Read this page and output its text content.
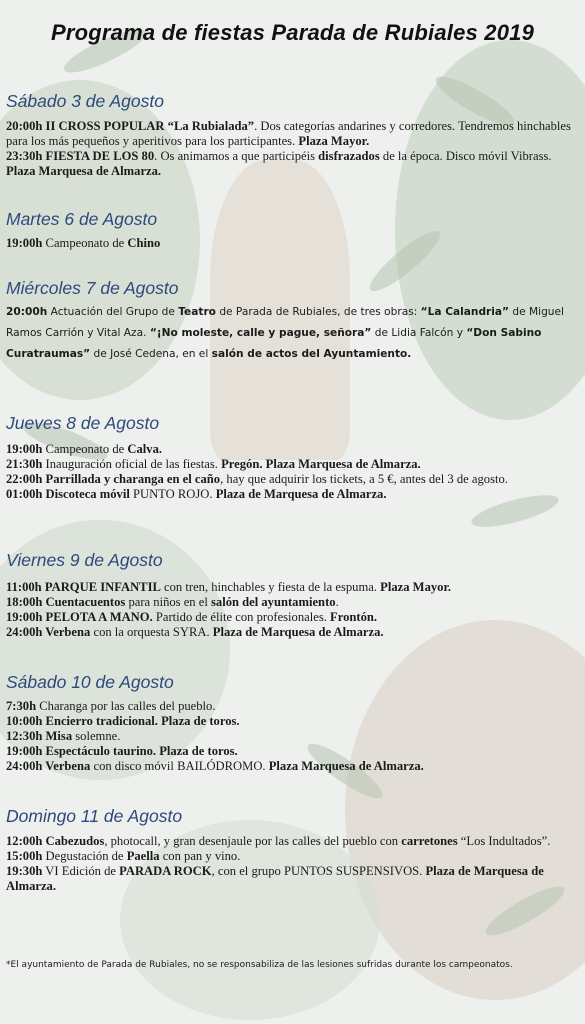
Programa de fiestas Parada de Rubiales 2019
Sábado 3 de Agosto
20:00h II CROSS POPULAR “La Rubialada”. Dos categorías andarines y corredores. Tendremos hinchables para los más pequeños y aperitivos para los participantes. Plaza Mayor.
23:30h FIESTA DE LOS 80. Os animamos a que participéis disfrazados de la época. Disco móvil Vibrass. Plaza Marquesa de Almarza.
Martes 6 de Agosto
19:00h Campeonato de Chino
Miércoles 7 de Agosto
20:00h Actuación del Grupo de Teatro de Parada de Rubiales, de tres obras: “La Calandria” de Miguel Ramos Carrión y Vital Aza. “¡No moleste, calle y pague, señora” de Lidia Falcón y “Don Sabino Curatraumas” de José Cedena, en el salón de actos del Ayuntamiento.
Jueves 8 de Agosto
19:00h Campeonato de Calva.
21:30h Inauguración oficial de las fiestas. Pregón. Plaza Marquesa de Almarza.
22:00h Parrillada y charanga en el caño, hay que adquirir los tickets, a 5 €, antes del 3 de agosto.
01:00h Discoteca móvil PUNTO ROJO. Plaza de Marquesa de Almarza.
Viernes 9 de Agosto
11:00h PARQUE INFANTIL con tren, hinchables y fiesta de la espuma. Plaza Mayor.
18:00h Cuentacuentos para niños en el salón del ayuntamiento.
19:00h PELOTA A MANO. Partido de élite con profesionales. Frontón.
24:00h Verbena con la orquesta SYRA. Plaza de Marquesa de Almarza.
Sábado 10 de Agosto
7:30h Charanga por las calles del pueblo.
10:00h Encierro tradicional. Plaza de toros.
12:30h Misa solemne.
19:00h Espectáculo taurino. Plaza de toros.
24:00h Verbena con disco móvil BAILÓDROMO. Plaza Marquesa de Almarza.
Domingo 11 de Agosto
12:00h Cabezudos, photocall, y gran desenjaule por las calles del pueblo con carretones “Los Indultados”.
15:00h Degustación de Paella con pan y vino.
19:30h VI Edición de PARADA ROCK, con el grupo PUNTOS SUSPENSIVOS. Plaza de Marquesa de Almarza.
*El ayuntamiento de Parada de Rubiales, no se responsabiliza de las lesiones sufridas durante los campeonatos.
